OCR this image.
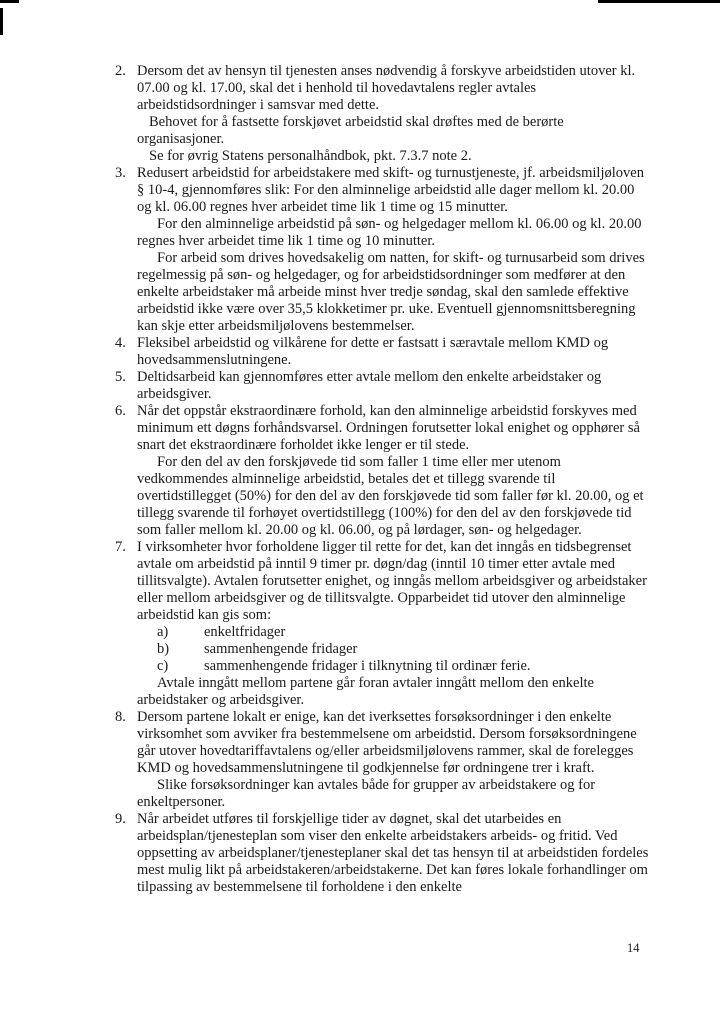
2. Dersom det av hensyn til tjenesten anses nødvendig å forskyve arbeidstiden utover kl. 07.00 og kl. 17.00, skal det i henhold til hovedavtalens regler avtales arbeidstidsordninger i samsvar med dette.
Behovet for å fastsette forskjøvet arbeidstid skal drøftes med de berørte organisasjoner.
Se for øvrig Statens personalhåndbok, pkt. 7.3.7 note 2.
3. Redusert arbeidstid for arbeidstakere med skift- og turnustjeneste, jf. arbeidsmiljøloven § 10-4, gjennomføres slik: For den alminnelige arbeidstid alle dager mellom kl. 20.00 og kl. 06.00 regnes hver arbeidet time lik 1 time og 15 minutter.
For den alminnelige arbeidstid på søn- og helgedager mellom kl. 06.00 og kl. 20.00 regnes hver arbeidet time lik 1 time og 10 minutter.
For arbeid som drives hovedsakelig om natten, for skift- og turnusarbeid som drives regelmessig på søn- og helgedager, og for arbeidstidsordninger som medfører at den enkelte arbeidstaker må arbeide minst hver tredje søndag, skal den samlede effektive arbeidstid ikke være over 35,5 klokketimer pr. uke. Eventuell gjennomsnittsberegning kan skje etter arbeidsmiljølovens bestemmelser.
4. Fleksibel arbeidstid og vilkårene for dette er fastsatt i særavtale mellom KMD og hovedsammenslutningene.
5. Deltidsarbeid kan gjennomføres etter avtale mellom den enkelte arbeidstaker og arbeidsgiver.
6. Når det oppstår ekstraordinære forhold, kan den alminnelige arbeidstid forskyves med minimum ett døgns forhåndsvarsel. Ordningen forutsetter lokal enighet og opphører så snart det ekstraordinære forholdet ikke lenger er til stede.
For den del av den forskjøvede tid som faller 1 time eller mer utenom vedkommendes alminnelige arbeidstid, betales det et tillegg svarende til overtidstillegget (50%) for den del av den forskjøvede tid som faller før kl. 20.00, og et tillegg svarende til forhøyet overtidstillegg (100%) for den del av den forskjøvede tid som faller mellom kl. 20.00 og kl. 06.00, og på lørdager, søn- og helgedager.
7. I virksomheter hvor forholdene ligger til rette for det, kan det inngås en tidsbegrenset avtale om arbeidstid på inntil 9 timer pr. døgn/dag (inntil 10 timer etter avtale med tillitsvalgte). Avtalen forutsetter enighet, og inngås mellom arbeidsgiver og arbeidstaker eller mellom arbeidsgiver og de tillitsvalgte. Opparbeidet tid utover den alminnelige arbeidstid kan gis som:
a) enkeltfridager
b) sammenhengende fridager
c) sammenhengende fridager i tilknytning til ordinær ferie.
Avtale inngått mellom partene går foran avtaler inngått mellom den enkelte arbeidstaker og arbeidsgiver.
8. Dersom partene lokalt er enige, kan det iverksettes forsøksordninger i den enkelte virksomhet som avviker fra bestemmelsene om arbeidstid. Dersom forsøksordningene går utover hovedtariffavtalens og/eller arbeidsmiljølovens rammer, skal de forelegges KMD og hovedsammenslutningene til godkjennelse før ordningene trer i kraft.
Slike forsøksordninger kan avtales både for grupper av arbeidstakere og for enkeltpersoner.
9. Når arbeidet utføres til forskjellige tider av døgnet, skal det utarbeides en arbeidsplan/tjenesteplan som viser den enkelte arbeidstakers arbeids- og fritid. Ved oppsetting av arbeidsplaner/tjenesteplaner skal det tas hensyn til at arbeidstiden fordeles mest mulig likt på arbeidstakeren/arbeidstakerne. Det kan føres lokale forhandlinger om tilpassing av bestemmelsene til forholdene i den enkelte
14
